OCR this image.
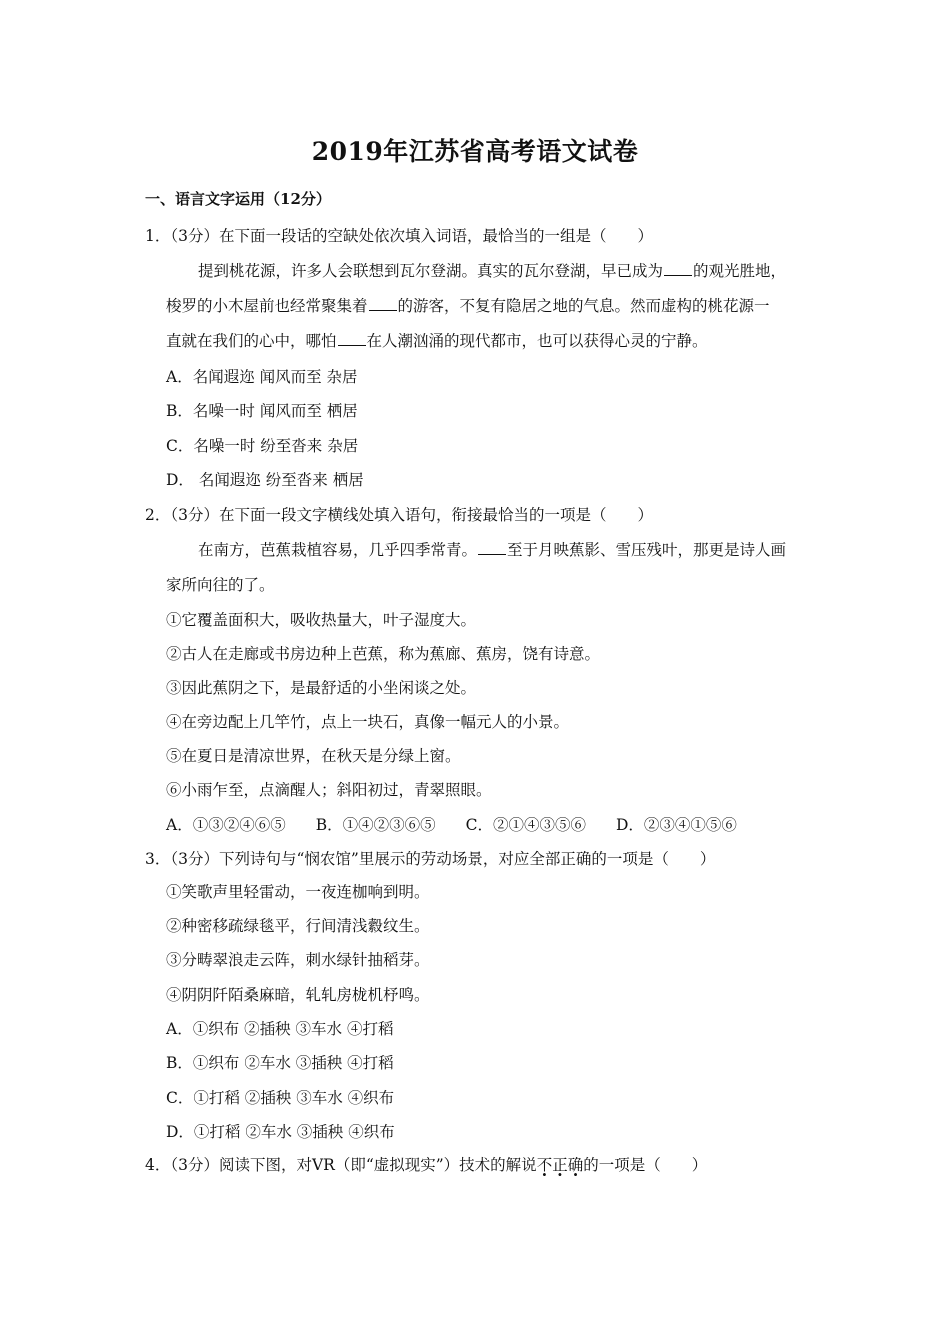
2019年江苏省高考语文试卷
一、语言文字运用（12分）
1．（3分）在下面一段话的空缺处依次填入词语，最恰当的一组是（　　）
提到桃花源，许多人会联想到瓦尔登湖。真实的瓦尔登湖，早已成为 的观光胜地，
梭罗的小木屋前也经常聚集着 的游客，不复有隐居之地的气息。然而虚构的桃花源一
直就在我们的心中，哪怕 在人潮汹涌的现代都市，也可以获得心灵的宁静。
A．名闻遐迩 闻风而至 杂居
B．名噪一时 闻风而至 栖居
C．名噪一时 纷至沓来 杂居
D． 名闻遐迩 纷至沓来 栖居
2．（3分）在下面一段文字横线处填入语句，衔接最恰当的一项是（　　）
在南方，芭蕉栽植容易，几乎四季常青。 至于月映蕉影、雪压残叶，那更是诗人画
家所向往的了。
①它覆盖面积大，吸收热量大，叶子湿度大。
②古人在走廊或书房边种上芭蕉，称为蕉廊、蕉房，饶有诗意。
③因此蕉阴之下，是最舒适的小坐闲谈之处。
④在旁边配上几竿竹，点上一块石，真像一幅元人的小景。
⑤在夏日是清凉世界，在秋天是分绿上窗。
⑥小雨乍至，点滴醒人；斜阳初过，青翠照眼。
A．①③②④⑥⑤ B．①④②③⑥⑤ C．②①④③⑤⑥ D．②③④①⑤⑥
3．（3分）下列诗句与“悯农馆”里展示的劳动场景，对应全部正确的一项是（　　）
①笑歌声里轻雷动，一夜连枷响到明。
②种密移疏绿毯平，行间清浅縠纹生。
③分畴翠浪走云阵，刺水绿针抽稻芽。
④阴阴阡陌桑麻暗，轧轧房栊机杼鸣。
A．①织布 ②插秧 ③车水 ④打稻
B．①织布 ②车水 ③插秧 ④打稻
C．①打稻 ②插秧 ③车水 ④织布
D．①打稻 ②车水 ③插秧 ④织布
4．（3分）阅读下图，对VR（即“虚拟现实”）技术的解说不正确的一项是（　　）
